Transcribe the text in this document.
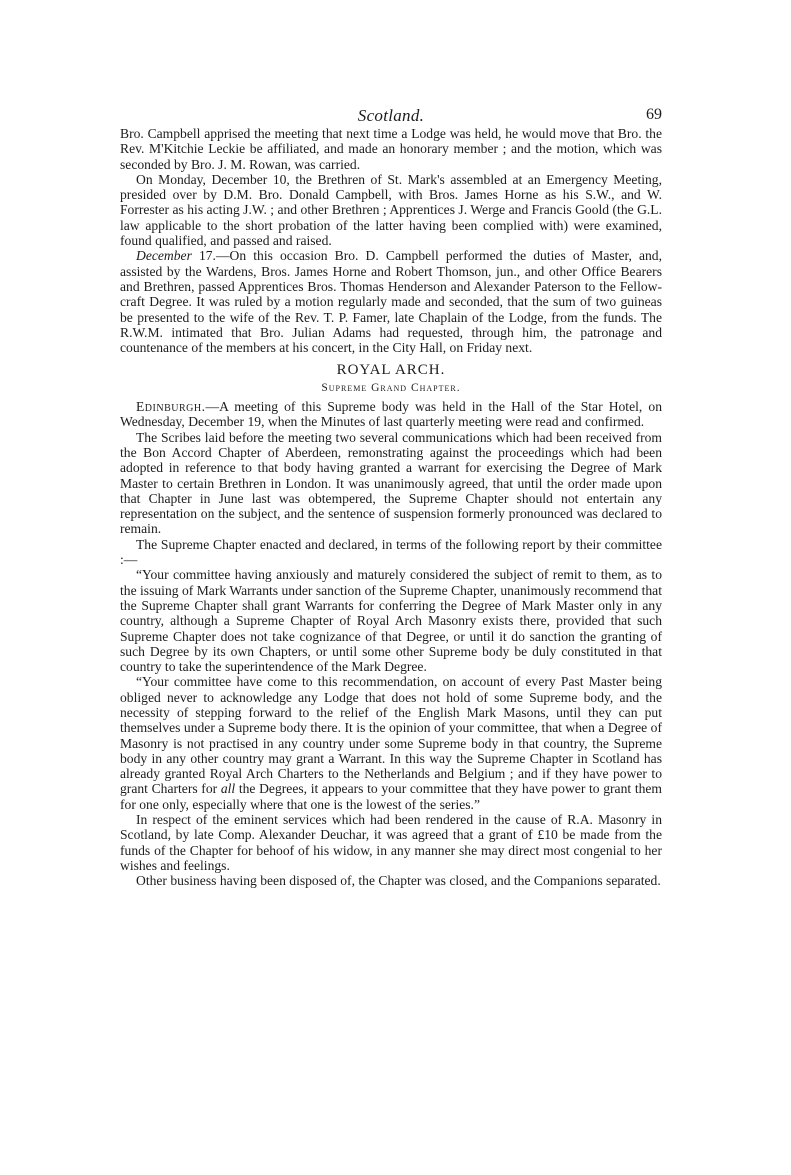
Scotland.	69

Bro. Campbell apprised the meeting that next time a Lodge was held, he would move that Bro. the Rev. M'Kitchie Leckie be affiliated, and made an honorary member ; and the motion, which was seconded by Bro. J. M. Rowan, was carried.

On Monday, December 10, the Brethren of St. Mark's assembled at an Emergency Meeting, presided over by D.M. Bro. Donald Campbell, with Bros. James Horne as his S.W., and W. Forrester as his acting J.W. ; and other Brethren ; Apprentices J. Werge and Francis Goold (the G.L. law applicable to the short probation of the latter having been complied with) were examined, found qualified, and passed and raised.

December 17.—On this occasion Bro. D. Campbell performed the duties of Master, and, assisted by the Wardens, Bros. James Horne and Robert Thomson, jun., and other Office Bearers and Brethren, passed Apprentices Bros. Thomas Henderson and Alexander Paterson to the Fellow-craft Degree. It was ruled by a motion regularly made and seconded, that the sum of two guineas be presented to the wife of the Rev. T. P. Famer, late Chaplain of the Lodge, from the funds. The R.W.M. intimated that Bro. Julian Adams had requested, through him, the patronage and countenance of the members at his concert, in the City Hall, on Friday next.

ROYAL ARCH.
Supreme Grand Chapter.

Edinburgh.—A meeting of this Supreme body was held in the Hall of the Star Hotel, on Wednesday, December 19, when the Minutes of last quarterly meeting were read and confirmed.

The Scribes laid before the meeting two several communications which had been received from the Bon Accord Chapter of Aberdeen, remonstrating against the proceedings which had been adopted in reference to that body having granted a warrant for exercising the Degree of Mark Master to certain Brethren in London. It was unanimously agreed, that until the order made upon that Chapter in June last was obtempered, the Supreme Chapter should not entertain any representation on the subject, and the sentence of suspension formerly pronounced was declared to remain.

The Supreme Chapter enacted and declared, in terms of the following report by their committee :—

“Your committee having anxiously and maturely considered the subject of remit to them, as to the issuing of Mark Warrants under sanction of the Supreme Chapter, unanimously recommend that the Supreme Chapter shall grant Warrants for conferring the Degree of Mark Master only in any country, although a Supreme Chapter of Royal Arch Masonry exists there, provided that such Supreme Chapter does not take cognizance of that Degree, or until it do sanction the granting of such Degree by its own Chapters, or until some other Supreme body be duly constituted in that country to take the superintendence of the Mark Degree.

“Your committee have come to this recommendation, on account of every Past Master being obliged never to acknowledge any Lodge that does not hold of some Supreme body, and the necessity of stepping forward to the relief of the English Mark Masons, until they can put themselves under a Supreme body there. It is the opinion of your committee, that when a Degree of Masonry is not practised in any country under some Supreme body in that country, the Supreme body in any other country may grant a Warrant. In this way the Supreme Chapter in Scotland has already granted Royal Arch Charters to the Netherlands and Belgium ; and if they have power to grant Charters for all the Degrees, it appears to your committee that they have power to grant them for one only, especially where that one is the lowest of the series.”

In respect of the eminent services which had been rendered in the cause of R.A. Masonry in Scotland, by late Comp. Alexander Deuchar, it was agreed that a grant of £10 be made from the funds of the Chapter for behoof of his widow, in any manner she may direct most congenial to her wishes and feelings.

Other business having been disposed of, the Chapter was closed, and the Companions separated.
